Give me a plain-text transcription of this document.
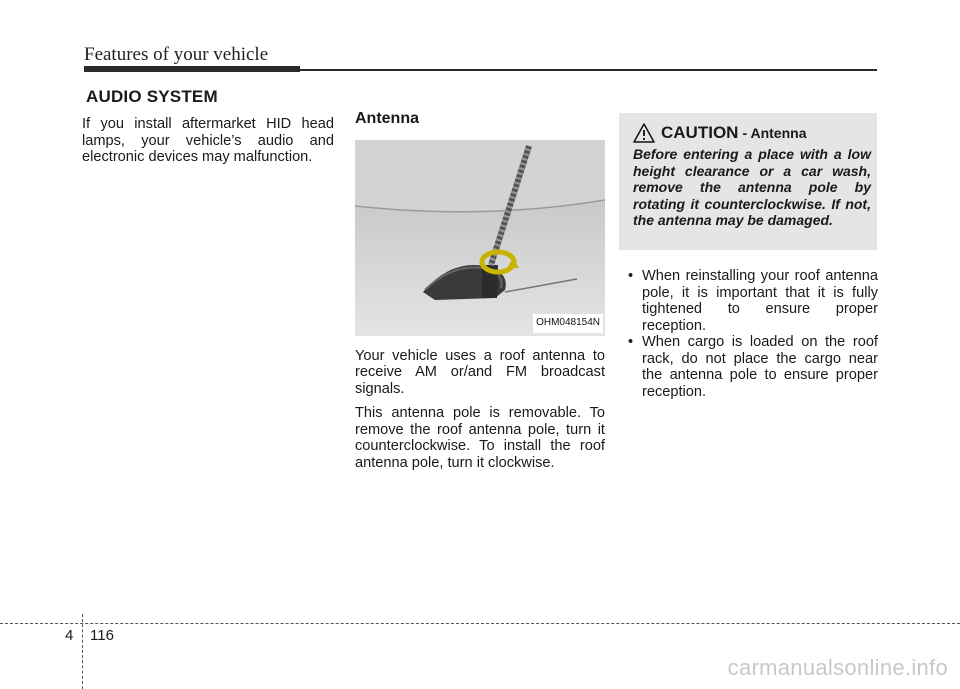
Features of your vehicle
AUDIO SYSTEM

If you install aftermarket HID head lamps, your vehicle’s audio and electronic devices may malfunction.

Antenna
OHM048154N

Your vehicle uses a roof antenna to receive AM or/and FM broadcast signals.

This antenna pole is removable. To remove the roof antenna pole, turn it counterclockwise. To install the roof antenna pole, turn it clockwise.

CAUTION - Antenna

Before entering a place with a low height clearance or a car wash, remove the antenna pole by rotating it counterclockwise. If not, the antenna may be damaged.

• When reinstalling your roof antenna pole, it is important that it is fully tightened to ensure proper reception.
• When cargo is loaded on the roof rack, do not place the cargo near the antenna pole to ensure proper reception.
4 116
carmanualsonline.info
